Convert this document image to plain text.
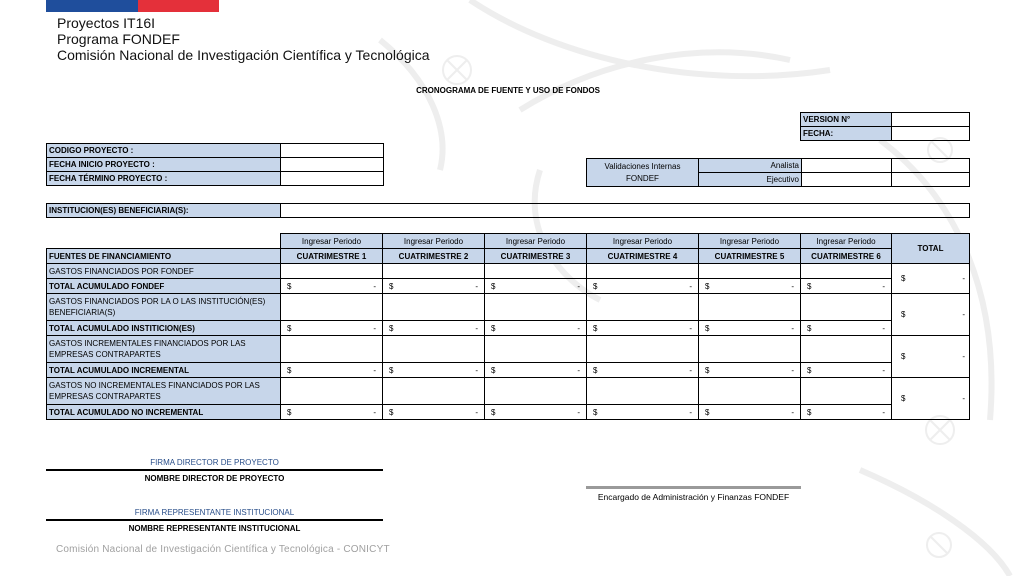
Proyectos IT16I
Programa FONDEF
Comisión Nacional de Investigación Científica y Tecnológica
CRONOGRAMA DE FUENTE Y USO DE FONDOS
VERSION N°	
FECHA:	
CODIGO PROYECTO :	
FECHA INICIO PROYECTO :	
FECHA TÉRMINO PROYECTO :	
Validaciones Internas FONDEF	Analista		
	Ejecutivo		
INSTITUCION(ES) BENEFICIARIA(S):	
	Ingresar Periodo	Ingresar Periodo	Ingresar Periodo	Ingresar Periodo	Ingresar Periodo	Ingresar Periodo	TOTAL
FUENTES DE FINANCIAMIENTO	CUATRIMESTRE 1	CUATRIMESTRE 2	CUATRIMESTRE 3	CUATRIMESTRE 4	CUATRIMESTRE 5	CUATRIMESTRE 6	
GASTOS FINANCIADOS POR FONDEF							$ -

TOTAL ACUMULADO FONDEF	$ -	$ -	$ -	$ -	$ -	$ -	

GASTOS FINANCIADOS POR LA O LAS INSTITUCIÓN(ES) BENEFICIARIA(S)							$ -

TOTAL ACUMULADO INSTITICION(ES)	$ -	$ -	$ -	$ -	$ -	$ -	

GASTOS INCREMENTALES FINANCIADOS POR LAS EMPRESAS CONTRAPARTES							$ -

TOTAL ACUMULADO INCREMENTAL	$ -	$ -	$ -	$ -	$ -	$ -	

GASTOS NO INCREMENTALES FINANCIADOS POR LAS EMPRESAS CONTRAPARTES							$ -

TOTAL ACUMULADO NO INCREMENTAL	$ -	$ -	$ -	$ -	$ -	$ -	
FIRMA DIRECTOR DE PROYECTO
NOMBRE DIRECTOR DE PROYECTO
FIRMA REPRESENTANTE INSTITUCIONAL
NOMBRE REPRESENTANTE INSTITUCIONAL
Encargado de Administración y Finanzas FONDEF
Comisión Nacional de Investigación Científica y Tecnológica - CONICYT
